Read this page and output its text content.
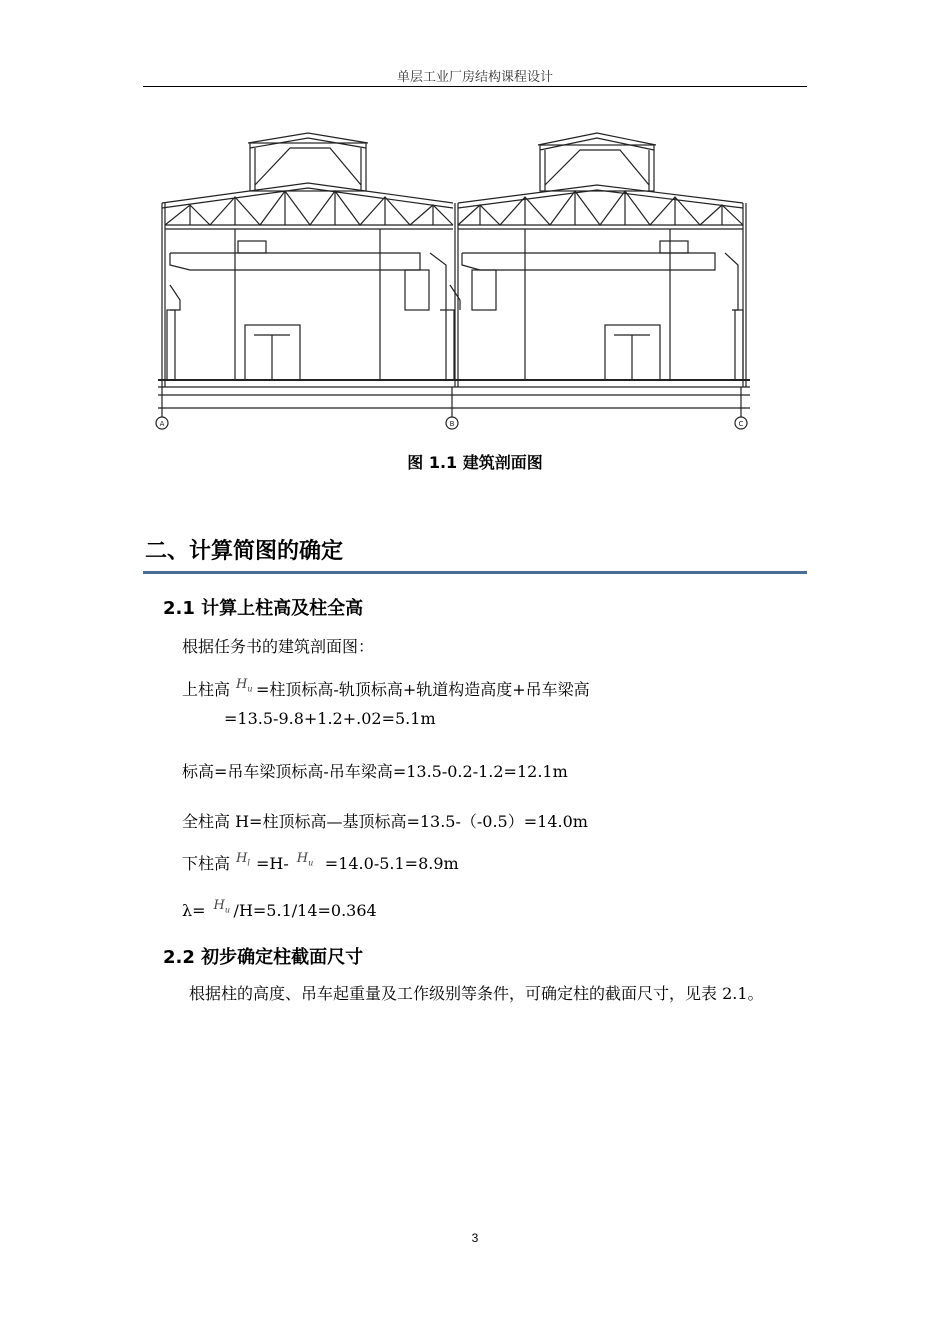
单层工业厂房结构课程设计
A	B	C
图 1.1 建筑剖面图
二、计算简图的确定
2.1 计算上柱高及柱全高
根据任务书的建筑剖面图：
上柱高 $H_u$ =柱顶标高-轨顶标高+轨道构造高度+吊车梁高
=13.5-9.8+1.2+.02=5.1m
标高=吊车梁顶标高-吊车梁高=13.5-0.2-1.2=12.1m
全柱高 H=柱顶标高—基顶标高=13.5-（-0.5）=14.0m
下柱高 $H_l =H-$ $H_u =14.0-5.1=8.9m$
$\lambda= H_u$ /H=5.1/14=0.364
2.2 初步确定柱截面尺寸
根据柱的高度、吊车起重量及工作级别等条件，可确定柱的截面尺寸，见表 2.1。
3
